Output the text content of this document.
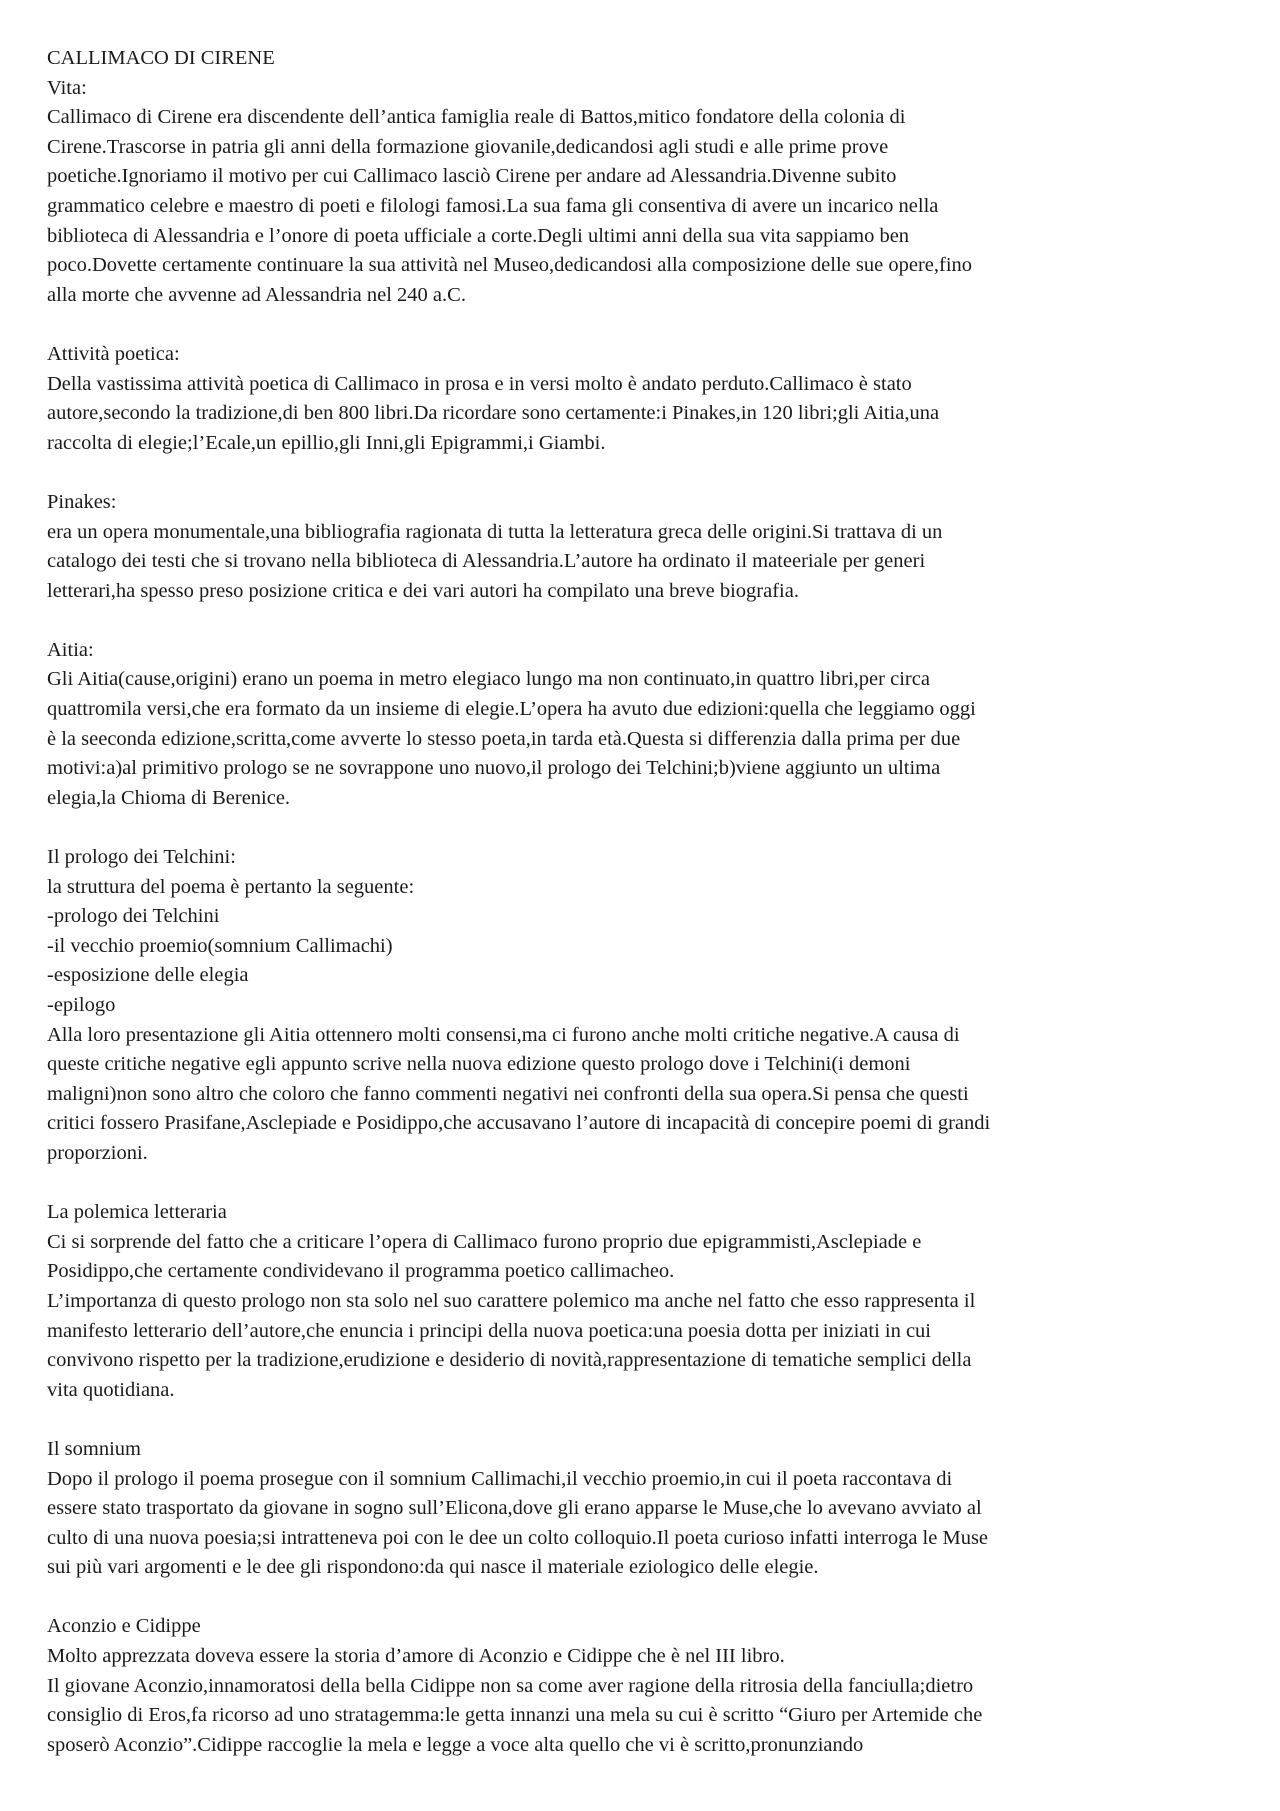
CALLIMACO DI CIRENE
Vita:
Callimaco di Cirene era discendente dell’antica famiglia reale di Battos,mitico fondatore della colonia di
Cirene.Trascorse in patria gli anni della formazione giovanile,dedicandosi agli studi e alle prime prove
poetiche.Ignoriamo il motivo per cui Callimaco lasciò Cirene per andare ad Alessandria.Divenne subito
grammatico celebre e maestro di poeti e filologi famosi.La sua fama gli consentiva di avere un incarico nella
biblioteca di Alessandria e l’onore di poeta ufficiale a corte.Degli ultimi anni della sua vita sappiamo ben
poco.Dovette certamente continuare la sua attività nel Museo,dedicandosi alla composizione delle sue opere,fino
alla morte che avvenne ad Alessandria nel 240 a.C.
Attività poetica:
Della vastissima attività poetica di Callimaco in prosa e in versi molto è andato perduto.Callimaco è stato
autore,secondo la tradizione,di ben 800 libri.Da ricordare sono certamente:i Pinakes,in 120 libri;gli Aitia,una
raccolta di elegie;l’Ecale,un epillio,gli Inni,gli Epigrammi,i Giambi.
Pinakes:
era un opera monumentale,una bibliografia ragionata di tutta la letteratura greca delle origini.Si trattava di un
catalogo dei testi che si trovano nella biblioteca di Alessandria.L’autore ha ordinato il mateeriale per generi
letterari,ha spesso preso posizione critica e dei vari autori ha compilato una breve biografia.
Aitia:
Gli Aitia(cause,origini) erano un poema in metro elegiaco lungo ma non continuato,in quattro libri,per circa
quattromila versi,che era formato da un insieme di elegie.L’opera ha avuto due edizioni:quella che leggiamo oggi
è la seeconda edizione,scritta,come avverte lo stesso poeta,in tarda età.Questa si differenzia dalla prima per due
motivi:a)al primitivo prologo se ne sovrappone uno nuovo,il prologo dei Telchini;b)viene aggiunto un ultima
elegia,la Chioma di Berenice.
Il prologo dei Telchini:
la struttura del poema è pertanto la seguente:
-prologo dei Telchini
-il vecchio proemio(somnium Callimachi)
-esposizione delle elegia
-epilogo
Alla loro presentazione gli Aitia ottennero molti consensi,ma ci furono anche molti critiche negative.A causa di
queste critiche negative egli appunto scrive nella nuova edizione questo prologo dove i Telchini(i demoni
maligni)non sono altro che coloro che fanno commenti negativi nei confronti della sua opera.Si pensa che questi
critici fossero Prasifane,Asclepiade e Posidippo,che accusavano l’autore di incapacità di concepire poemi di grandi
proporzioni.
La polemica letteraria
Ci si sorprende del fatto che a criticare l’opera di Callimaco furono proprio due epigrammisti,Asclepiade e
Posidippo,che certamente condividevano il programma poetico callimacheo.
L’importanza di questo prologo non sta solo nel suo carattere polemico ma anche nel fatto che esso rappresenta il
manifesto letterario dell’autore,che enuncia i principi della nuova poetica:una poesia dotta per iniziati in cui
convivono rispetto per la tradizione,erudizione e desiderio di novità,rappresentazione di tematiche semplici della
vita quotidiana.
Il somnium
Dopo il prologo il poema prosegue con il somnium Callimachi,il vecchio proemio,in cui il poeta raccontava di
essere stato trasportato da giovane in sogno sull’Elicona,dove gli erano apparse le Muse,che lo avevano avviato al
culto di una nuova poesia;si intratteneva poi con le dee un colto colloquio.Il poeta curioso infatti interroga le Muse
sui più vari argomenti e le dee gli rispondono:da qui nasce il materiale eziologico delle elegie.
Aconzio e Cidippe
Molto apprezzata doveva essere la storia d’amore di Aconzio e Cidippe che è nel III libro.
Il giovane Aconzio,innamoratosi della bella Cidippe non sa come aver ragione della ritrosia della fanciulla;dietro
consiglio di Eros,fa ricorso ad uno stratagemma:le getta innanzi una mela su cui è scritto “Giuro per Artemide che
sposerò Aconzio”.Cidippe raccoglie la mela e legge a voce alta quello che vi è scritto,pronunziando
